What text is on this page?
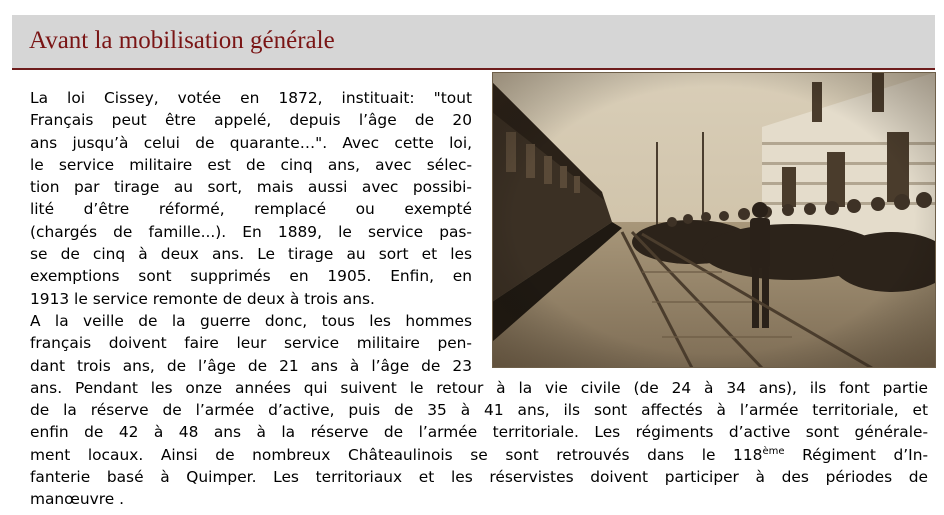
Avant la mobilisation générale
La loi Cissey, votée en 1872, instituait: "tout
Français peut être appelé, depuis l’âge de 20
ans jusqu’à celui de quarante…". Avec cette loi,
le service militaire est de cinq ans, avec sélec-
tion par tirage au sort, mais aussi avec possibi-
lité d’être réformé, remplacé ou exempté
(chargés de famille...). En 1889, le service pas-
se de cinq à deux ans. Le tirage au sort et les
exemptions sont supprimés en 1905. Enfin, en
1913 le service remonte de deux à trois ans.
A la veille de la guerre donc, tous les hommes
français doivent faire leur service militaire pen-
dant trois ans, de l’âge de 21 ans à l’âge de 23
ans. Pendant les onze années qui suivent le retour à la vie civile (de 24 à 34 ans), ils font partie
de la réserve de l’armée d’active, puis de 35 à 41 ans, ils sont affectés à l’armée territoriale, et
enfin de 42 à 48 ans à la réserve de l’armée territoriale. Les régiments d’active sont générale-
ment locaux. Ainsi de nombreux Châteaulinois se sont retrouvés dans le 118ème Régiment d’In-
fanterie basé à Quimper. Les territoriaux et les réservistes doivent participer à des périodes de
manœuvre .
